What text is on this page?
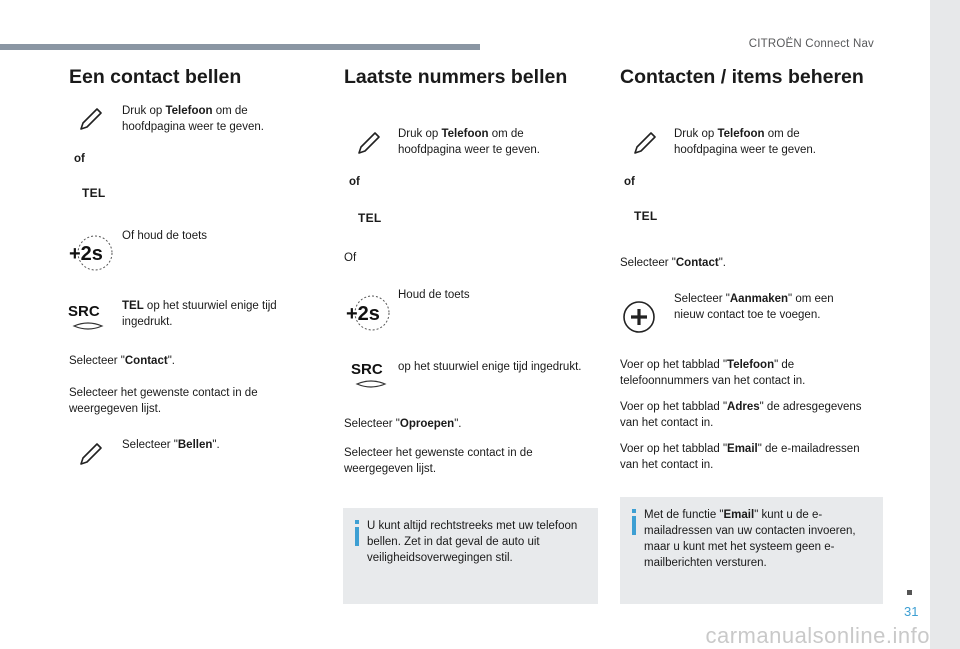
CITROËN Connect Nav
31
Een contact bellen
Druk op Telefoon om de hoofdpagina weer te geven.
of
TEL
+2s
Of houd de toets
SRC TEL op het stuurwiel enige tijd ingedrukt.
Selecteer "Contact".
Selecteer het gewenste contact in de weergegeven lijst.
Selecteer "Bellen".
Laatste nummers bellen
Druk op Telefoon om de hoofdpagina weer te geven.
of
TEL
Of
+2s
Houd de toets
SRC op het stuurwiel enige tijd ingedrukt.
Selecteer "Oproepen".
Selecteer het gewenste contact in de weergegeven lijst.
U kunt altijd rechtstreeks met uw telefoon bellen. Zet in dat geval de auto uit veiligheidsoverwegingen stil.
Contacten / items beheren
Druk op Telefoon om de hoofdpagina weer te geven.
of
TEL
Selecteer "Contact".
Selecteer "Aanmaken" om een nieuw contact toe te voegen.
Voer op het tabblad "Telefoon" de telefoonnummers van het contact in.
Voer op het tabblad "Adres" de adresgegevens van het contact in.
Voer op het tabblad "Email" de e-mailadressen van het contact in.
Met de functie "Email" kunt u de e-mailadressen van uw contacten invoeren, maar u kunt met het systeem geen e-mailberichten versturen.
carmanualsonline.info
